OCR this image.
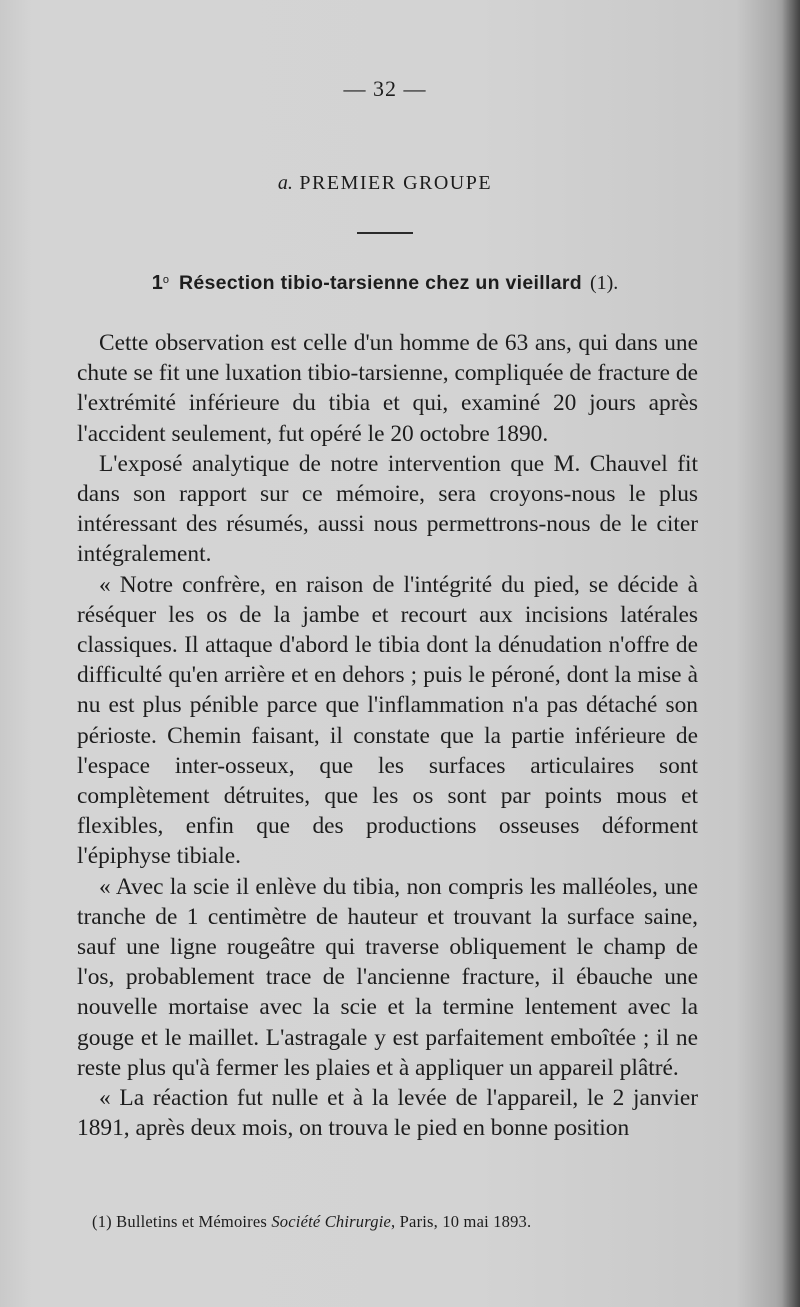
— 32 —
a. PREMIER GROUPE
1$^o$ Résection tibio-tarsienne chez un vieillard (1).

Cette observation est celle d'un homme de 63 ans, qui dans une chute se fit une luxation tibio-tarsienne, compliquée de fracture de l'extrémité inférieure du tibia et qui, examiné 20 jours après l'accident seulement, fut opéré le 20 octobre 1890.

L'exposé analytique de notre intervention que M. Chauvel fit dans son rapport sur ce mémoire, sera croyons-nous le plus intéressant des résumés, aussi nous permettrons-nous de le citer intégralement.

« Notre confrère, en raison de l'intégrité du pied, se décide à réséquer les os de la jambe et recourt aux incisions latérales classiques. Il attaque d'abord le tibia dont la dénudation n'offre de difficulté qu'en arrière et en dehors ; puis le péroné, dont la mise à nu est plus pénible parce que l'inflammation n'a pas détaché son périoste. Chemin faisant, il constate que la partie inférieure de l'espace inter-osseux, que les surfaces articulaires sont complètement détruites, que les os sont par points mous et flexibles, enfin que des productions osseuses déforment l'épiphyse tibiale.

« Avec la scie il enlève du tibia, non compris les malléoles, une tranche de 1 centimètre de hauteur et trouvant la surface saine, sauf une ligne rougeâtre qui traverse obliquement le champ de l'os, probablement trace de l'ancienne fracture, il ébauche une nouvelle mortaise avec la scie et la termine lentement avec la gouge et le maillet. L'astragale y est parfaitement emboîtée ; il ne reste plus qu'à fermer les plaies et à appliquer un appareil plâtré.

« La réaction fut nulle et à la levée de l'appareil, le 2 janvier 1891, après deux mois, on trouva le pied en bonne position

(1) Bulletins et Mémoires Société Chirurgie, Paris, 10 mai 1893.
